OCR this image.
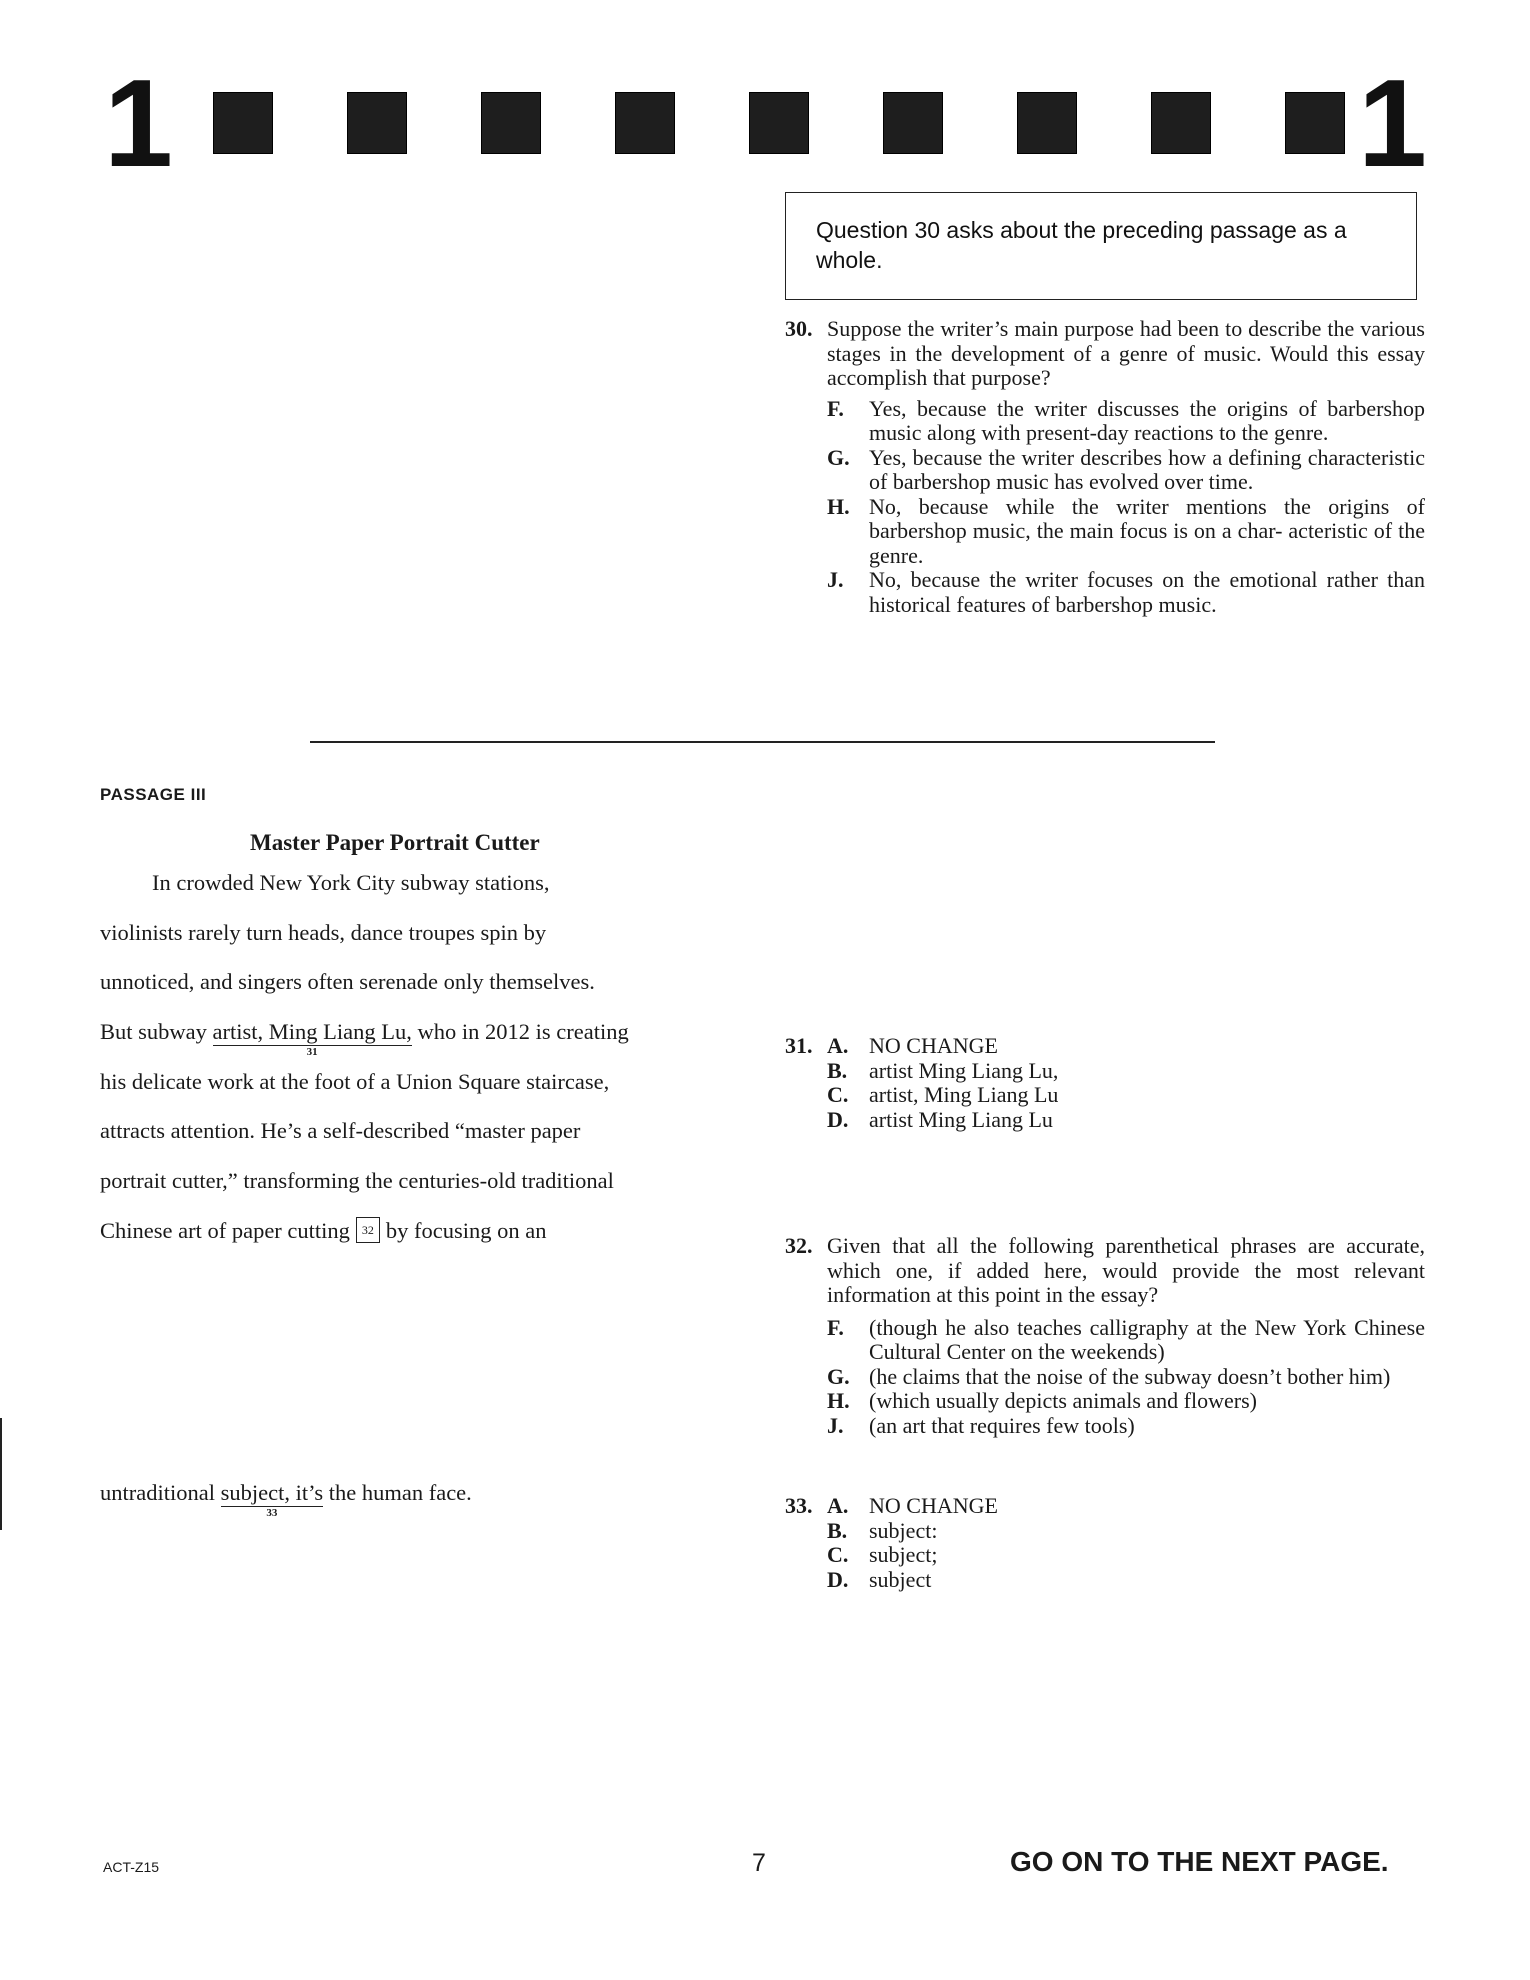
1	1
Question 30 asks about the preceding passage as a whole.
30. Suppose the writer’s main purpose had been to describe the various stages in the development of a genre of music. Would this essay accomplish that purpose?
F.	Yes, because the writer discusses the origins of barbershop music along with present-day reactions to the genre.
G. Yes, because the writer describes how a defining characteristic of barbershop music has evolved over time.
H. No, because while the writer mentions the origins of barbershop music, the main focus is on a char- acteristic of the genre.
J.	No, because the writer focuses on the emotional rather than historical features of barbershop music.
PASSAGE III
Master Paper Portrait Cutter
In crowded New York City subway stations,
violinists rarely turn heads, dance troupes spin by
unnoticed, and singers often serenade only themselves.
But subway artist, Ming Liang Lu,
31
who in 2012 is creating
his delicate work at the foot of a Union Square staircase,
attracts attention. He’s a self-described “master paper
portrait cutter,” transforming the centuries-old traditional
Chinese art of paper cutting 32 by focusing on an
untraditional subject, it’s
33
the human face.
31. A. NO CHANGE
B. artist Ming Liang Lu,
C. artist, Ming Liang Lu
D. artist Ming Liang Lu
32. Given that all the following parenthetical phrases are accurate, which one, if added here, would provide the most relevant information at this point in the essay?
F.	(though he also teaches calligraphy at the New York Chinese Cultural Center on the weekends)
G. (he claims that the noise of the subway doesn’t bother him)
H. (which usually depicts animals and flowers)
J.	(an art that requires few tools)
33. A. NO CHANGE
B. subject:
C. subject;
D. subject
ACT-Z15	7	GO ON TO THE NEXT PAGE.
